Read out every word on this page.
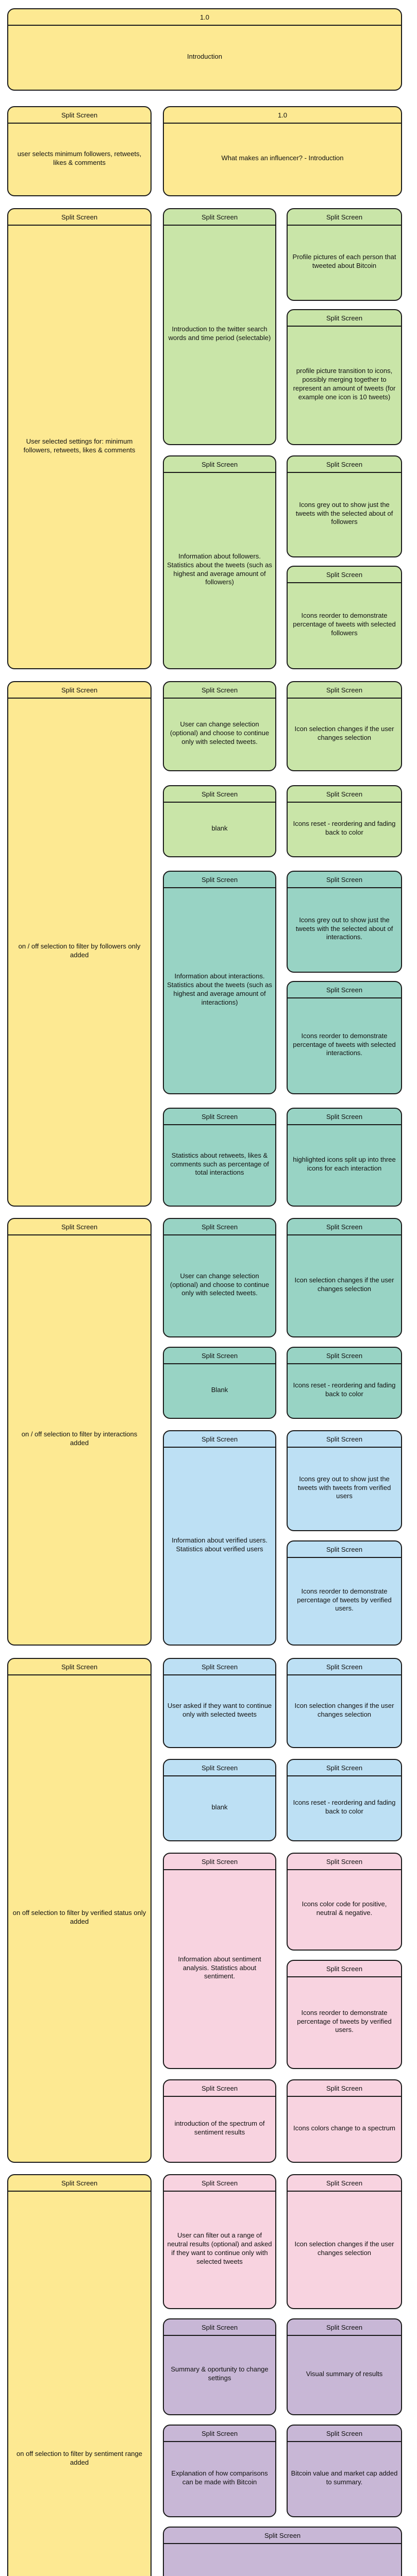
1.0
Introduction
Split Screen
user selects minimum followers, retweets, likes & comments
1.0
What makes an influencer? - Introduction
Split Screen
User selected settings for: minimum followers, retweets, likes & comments
Split Screen
Introduction to the twitter search words and time period (selectable)
Split Screen
Profile pictures of each person that tweeted about Bitcoin
Split Screen
profile picture transition to icons, possibly merging together to represent an amount of tweets (for example one icon is 10 tweets)
Split Screen
Information about followers. Statistics about the tweets (such as highest and average amount of followers)
Split Screen
Icons grey out to show just the tweets with the selected about of followers
Split Screen
Icons reorder to demonstrate percentage of tweets with selected followers
Split Screen
on / off selection to filter by followers only added
Split Screen
User can change selection (optional) and choose to continue only with selected tweets.
Split Screen
Icon selection changes if the user changes selection
Split Screen
blank
Split Screen
Icons reset - reordering and fading back to color
Split Screen
Information about interactions. Statistics about the tweets (such as highest and average amount of interactions)
Split Screen
Icons grey out to show just the tweets with the selected about of interactions.
Split Screen
Icons reorder to demonstrate percentage of tweets with selected interactions.
Split Screen
Statistics about retweets, likes & comments such as percentage of total interactions
Split Screen
highlighted icons split up into three icons for each interaction
Split Screen
on / off selection to filter by interactions added
Split Screen
User can change selection (optional) and choose to continue only with selected tweets.
Split Screen
Icon selection changes if the user changes selection
Split Screen
Blank
Split Screen
Icons reset - reordering and fading back to color
Split Screen
Information about verified users. Statistics about verified users
Split Screen
Icons grey out to show just the tweets with tweets from verified users
Split Screen
Icons reorder to demonstrate percentage of tweets by verified users.
Split Screen
on off selection to filter by verified status only added
Split Screen
User asked if they want to continue only with selected tweets
Split Screen
Icon selection changes if the user changes selection
Split Screen
blank
Split Screen
Icons reset - reordering and fading back to color
Split Screen
Information about sentiment analysis. Statistics about sentiment.
Split Screen
Icons color code for positive, neutral & negative.
Split Screen
Icons reorder to demonstrate percentage of tweets by verified users.
Split Screen
introduction of the spectrum of sentiment results
Split Screen
Icons colors change to a spectrum
Split Screen
on off selection to filter by sentiment range added
Split Screen
User can filter out a range of neutral results (optional) and asked if they want to continue only with selected tweets
Split Screen
Icon selection changes if the user changes selection
Split Screen
Summary & oportunity to change settings
Split Screen
Visual summary of results
Split Screen
Explanation of how comparisons can be made with Bitcoin
Split Screen
Bitcoin value and market cap added to summary.
Split Screen
